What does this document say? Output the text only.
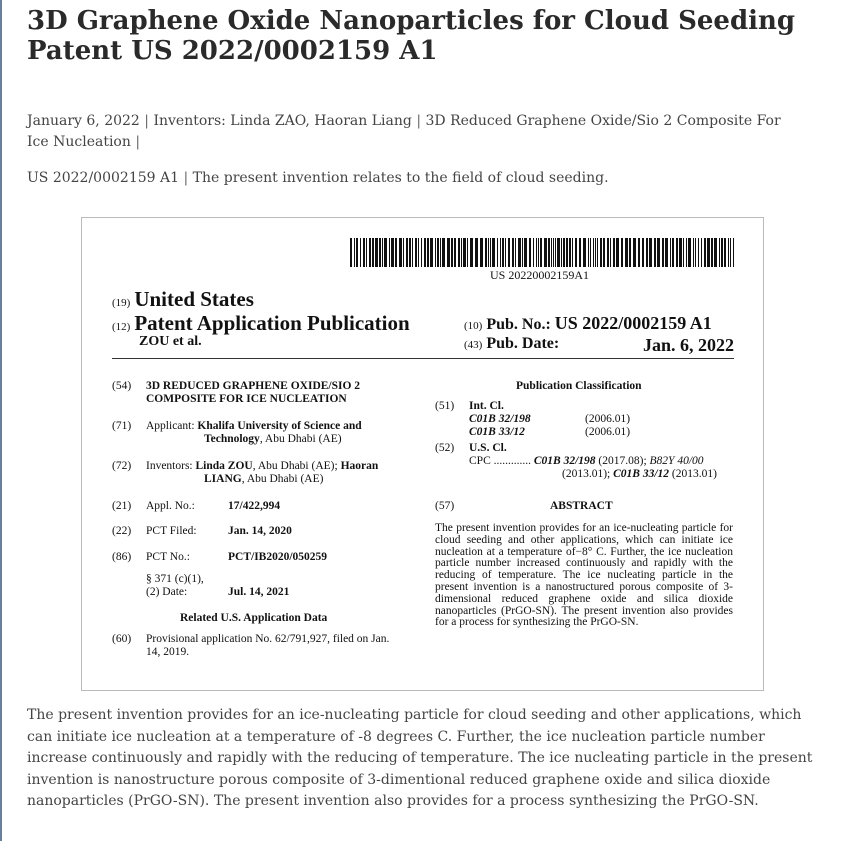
3D Graphene Oxide Nanoparticles for Cloud Seeding
Patent US 2022/0002159 A1
January 6, 2022 | Inventors: Linda ZAO, Haoran Liang | 3D Reduced Graphene Oxide/Sio 2 Composite For Ice Nucleation |
US 2022/0002159 A1 | The present invention relates to the field of cloud seeding.
US 20220002159A1
(19) United States
(12) Patent Application Publication
ZOU et al.
(10) Pub. No.: US 2022/0002159 A1
(43) Pub. Date:	Jan. 6, 2022
(54) 3D REDUCED GRAPHENE OXIDE/SIO 2
COMPOSITE FOR ICE NUCLEATION
(71) Applicant: Khalifa University of Science and
Technology, Abu Dhabi (AE)
(72) Inventors: Linda ZOU, Abu Dhabi (AE); Haoran
LIANG, Abu Dhabi (AE)
(21) Appl. No.:	17/422,994
(22) PCT Filed:	Jan. 14, 2020
(86) PCT No.:	PCT/IB2020/050259
§ 371 (c)(1),
(2) Date:	Jul. 14, 2021
Related U.S. Application Data
(60) Provisional application No. 62/791,927, filed on Jan.
14, 2019.
Publication Classification
(51) Int. Cl.
C01B 32/198	(2006.01)
C01B 33/12	(2006.01)
(52) U.S. Cl.
CPC ............. C01B 32/198 (2017.08); B82Y 40/00
(2013.01); C01B 33/12 (2013.01)
(57)	ABSTRACT
The present invention provides for an ice-nucleating particle for cloud seeding and other applications, which can initiate ice nucleation at a temperature of−8° C. Further, the ice nucleation particle number increased continuously and rapidly with the reducing of temperature. The ice nucleating particle in the present invention is a nanostructured porous composite of 3-dimensional reduced graphene oxide and silica dioxide nanoparticles (PrGO-SN). The present invention also provides for a process for synthesizing the PrGO-SN.
The present invention provides for an ice-nucleating particle for cloud seeding and other applications, which can initiate ice nucleation at a temperature of -8 degrees C. Further, the ice nucleation particle number increase continuously and rapidly with the reducing of temperature. The ice nucleating particle in the present invention is nanostructure porous composite of 3-dimentional reduced graphene oxide and silica dioxide nanoparticles (PrGO-SN). The present invention also provides for a process synthesizing the PrGO-SN.
